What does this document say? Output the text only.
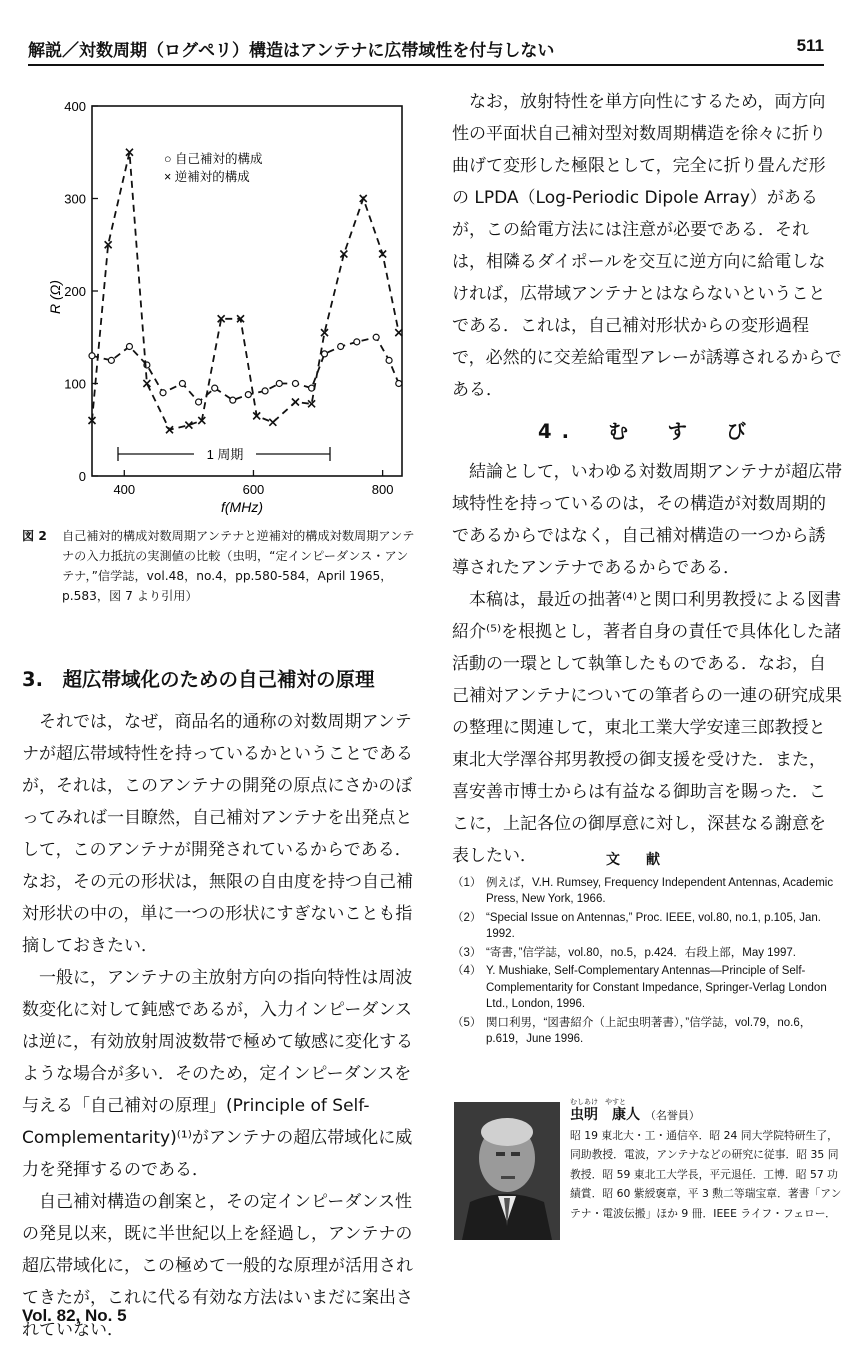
解説／対数周期（ログペリ）構造はアンテナに広帯域性を付与しない	511
0
100
200
300
400
400	600	800
1 周期
○ 自己補対的構成
× 逆補対的構成
f(MHz)
R (Ω)
図 2	自己補対的構成対数周期アンテナと逆補対的構成対数周期アンテナの入力抵抗の実測値の比較（虫明，“定インピーダンス・アンテナ，”信学誌，vol.48，no.4，pp.580-584，April 1965，p.583，図 7 より引用）
3.　超広帯域化のための自己補対の原理

それでは，なぜ，商品名的通称の対数周期アンテナが超広帯域特性を持っているかということであるが，それは，このアンテナの開発の原点にさかのぼってみれば一目瞭然，自己補対アンテナを出発点として，このアンテナが開発されているからである．なお，その元の形状は，無限の自由度を持つ自己補対形状の中の，単に一つの形状にすぎないことも指摘しておきたい．

一般に，アンテナの主放射方向の指向特性は周波数変化に対して鈍感であるが，入力インピーダンスは逆に，有効放射周波数帯で極めて敏感に変化するような場合が多い．そのため，定インピーダンスを与える「自己補対の原理」(Principle of Self-Complementarity)⁽¹⁾がアンテナの超広帯域化に威力を発揮するのである．

自己補対構造の創案と，その定インピーダンス性の発見以来，既に半世紀以上を経過し，アンテナの超広帯域化に，この極めて一般的な原理が活用されてきたが，これに代る有効な方法はいまだに案出されていない．

なお，放射特性を単方向性にするため，両方向性の平面状自己補対型対数周期構造を徐々に折り曲げて変形した極限として，完全に折り畳んだ形の LPDA（Log-Periodic Dipole Array）があるが，この給電方法には注意が必要である．それは，相隣るダイポールを交互に逆方向に給電しなければ，広帯域アンテナとはならないということである．これは，自己補対形状からの変形過程で，必然的に交差給電型アレーが誘導されるからである．

4.　む　す　び

結論として，いわゆる対数周期アンテナが超広帯域特性を持っているのは，その構造が対数周期的であるからではなく，自己補対構造の一つから誘導されたアンテナであるからである．

本稿は，最近の拙著⁽⁴⁾と関口利男教授による図書紹介⁽⁵⁾を根拠とし，著者自身の責任で具体化した諸活動の一環として執筆したものである．なお，自己補対アンテナについての筆者らの一連の研究成果の整理に関連して，東北工業大学安達三郎教授と東北大学澤谷邦男教授の御支援を受けた．また，喜安善市博士からは有益なる御助言を賜った．ここに，上記各位の御厚意に対し，深甚なる謝意を表したい．	文献
（1） 例えば，V.H. Rumsey, Frequency Independent Antennas, Academic Press, New York, 1966.
（2） “Special Issue on Antennas,” Proc. IEEE, vol.80, no.1, p.105, Jan. 1992.
（3） “寄書，”信学誌，vol.80，no.5，p.424．右段上部，May 1997.
（4） Y. Mushiake, Self-Complementary Antennas—Principle of Self-Complementarity for Constant Impedance, Springer-Verlag London Ltd., London, 1996.
（5） 関口利男，“図書紹介（上記虫明著書），”信学誌，vol.79，no.6，p.619，June 1996.
むしあけ　やすと
虫明　康人 （名誉員）
昭 19 東北大・工・通信卒．昭 24 同大学院特研生了，同助教授．電波，アンテナなどの研究に従事．昭 35 同教授．昭 59 東北工大学長，平元退任．工博．昭 57 功績賞．昭 60 紫綬褒章，平 3 勲二等瑞宝章．著書「アンテナ・電波伝搬」ほか 9 冊．IEEE ライフ・フェロー．
Vol. 82, No. 5
